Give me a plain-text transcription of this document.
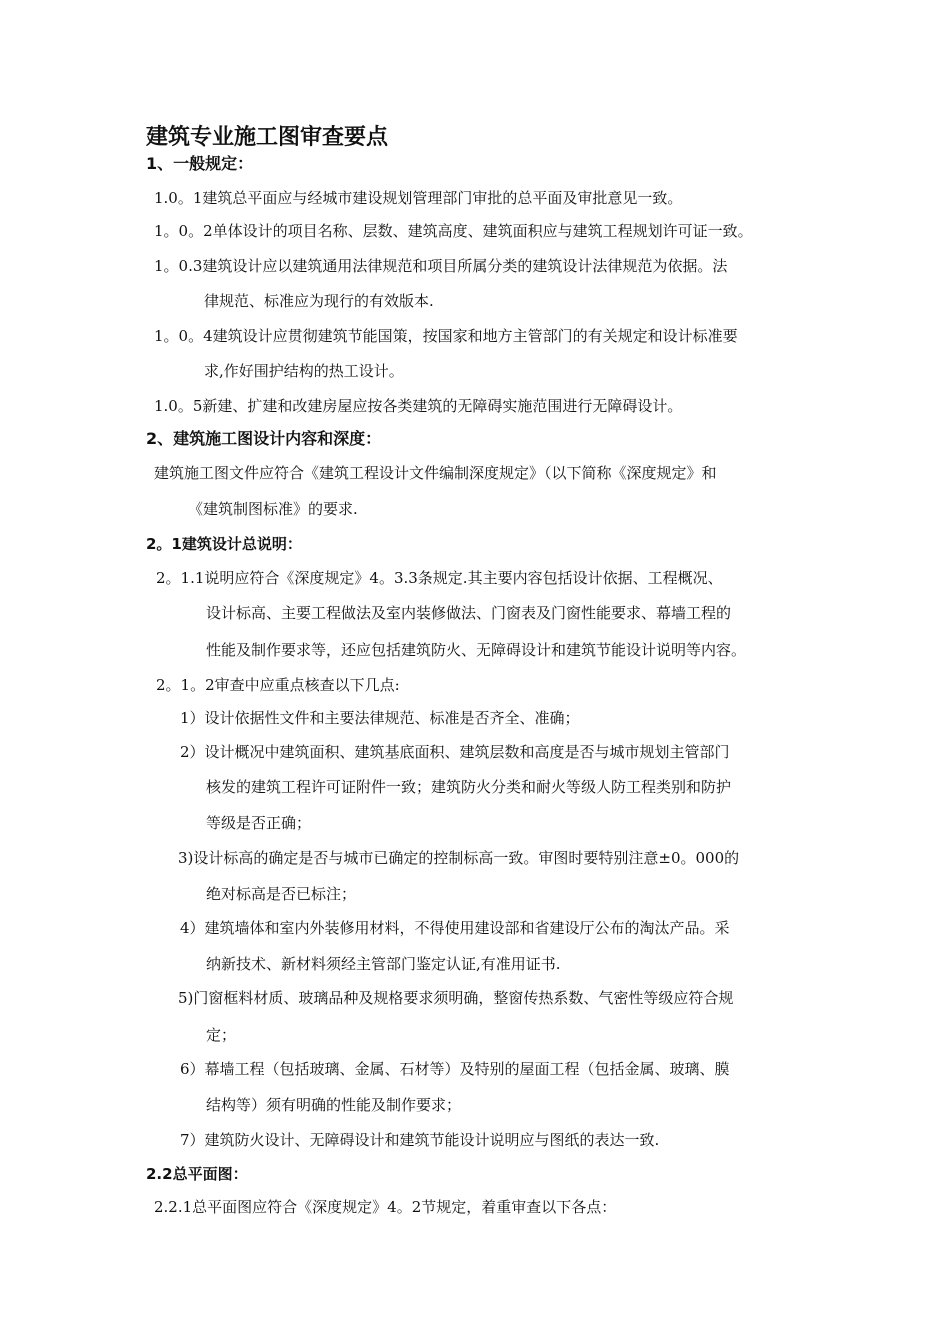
建筑专业施工图审查要点
1、一般规定：
1.0。1建筑总平面应与经城市建设规划管理部门审批的总平面及审批意见一致。
1。0。2单体设计的项目名称、层数、建筑高度、建筑面积应与建筑工程规划许可证一致。
1。0.3建筑设计应以建筑通用法律规范和项目所属分类的建筑设计法律规范为依据。法
律规范、标准应为现行的有效版本.
1。0。4建筑设计应贯彻建筑节能国策，按国家和地方主管部门的有关规定和设计标准要
求,作好围护结构的热工设计。
1.0。5新建、扩建和改建房屋应按各类建筑的无障碍实施范围进行无障碍设计。
2、建筑施工图设计内容和深度：
建筑施工图文件应符合《建筑工程设计文件编制深度规定》（以下简称《深度规定》和
《建筑制图标准》的要求.
2。1建筑设计总说明：
2。1.1说明应符合《深度规定》4。3.3条规定.其主要内容包括设计依据、工程概况、
设计标高、主要工程做法及室内装修做法、门窗表及门窗性能要求、幕墙工程的
性能及制作要求等，还应包括建筑防火、无障碍设计和建筑节能设计说明等内容。
2。1。2审查中应重点核查以下几点:
1）设计依据性文件和主要法律规范、标准是否齐全、准确；
2）设计概况中建筑面积、建筑基底面积、建筑层数和高度是否与城市规划主管部门
核发的建筑工程许可证附件一致；建筑防火分类和耐火等级人防工程类别和防护
等级是否正确；
3)设计标高的确定是否与城市已确定的控制标高一致。审图时要特别注意±0。000的
绝对标高是否已标注；
4）建筑墙体和室内外装修用材料，不得使用建设部和省建设厅公布的淘汰产品。采
纳新技术、新材料须经主管部门鉴定认证,有准用证书.
5)门窗框料材质、玻璃品种及规格要求须明确，整窗传热系数、气密性等级应符合规
定；
6）幕墙工程（包括玻璃、金属、石材等）及特别的屋面工程（包括金属、玻璃、膜
结构等）须有明确的性能及制作要求；
7）建筑防火设计、无障碍设计和建筑节能设计说明应与图纸的表达一致.
2.2总平面图：
2.2.1总平面图应符合《深度规定》4。2节规定，着重审查以下各点：
